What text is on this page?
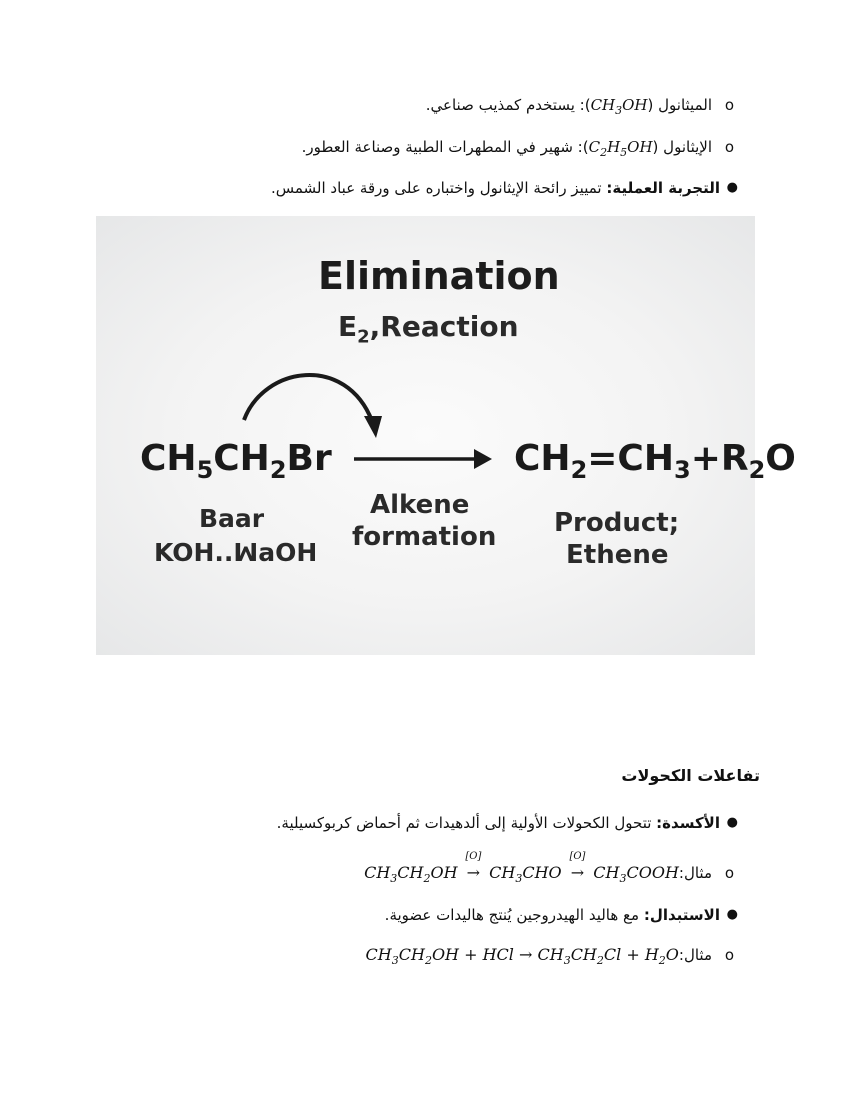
o
الميثانول $(CH_3OH)$: يستخدم كمذيب صناعي.
o
الإيثانول $(C_2H_5OH)$: شهير في المطهرات الطبية وصناعة العطور.
●
التجربة العملية: تمييز رائحة الإيثانول واختباره على ورقة عباد الشمس.
Elimination
$E_2,Reaction$
$CH_5CH_2Br$	$CH_2=CH_3+R_2O$
Baar
KOH..ꟽaOH
Alkene
formation Product;
Ethene
تفاعلات الكحولات
●
الأكسدة: تتحول الكحولات الأولية إلى ألدهيدات ثم أحماض كربوكسيلية.
o
$مثال:CH_3CH_2OH$
[O]
→ $CH_3CHO$
[O]
→ $CH_3COOH$
●
الاستبدال: مع هاليد الهيدروجين يُنتج هاليدات عضوية.
o
$مثال:CH_3CH_2OH$ + HCl → $CH_3CH_2Cl + H_2O$
